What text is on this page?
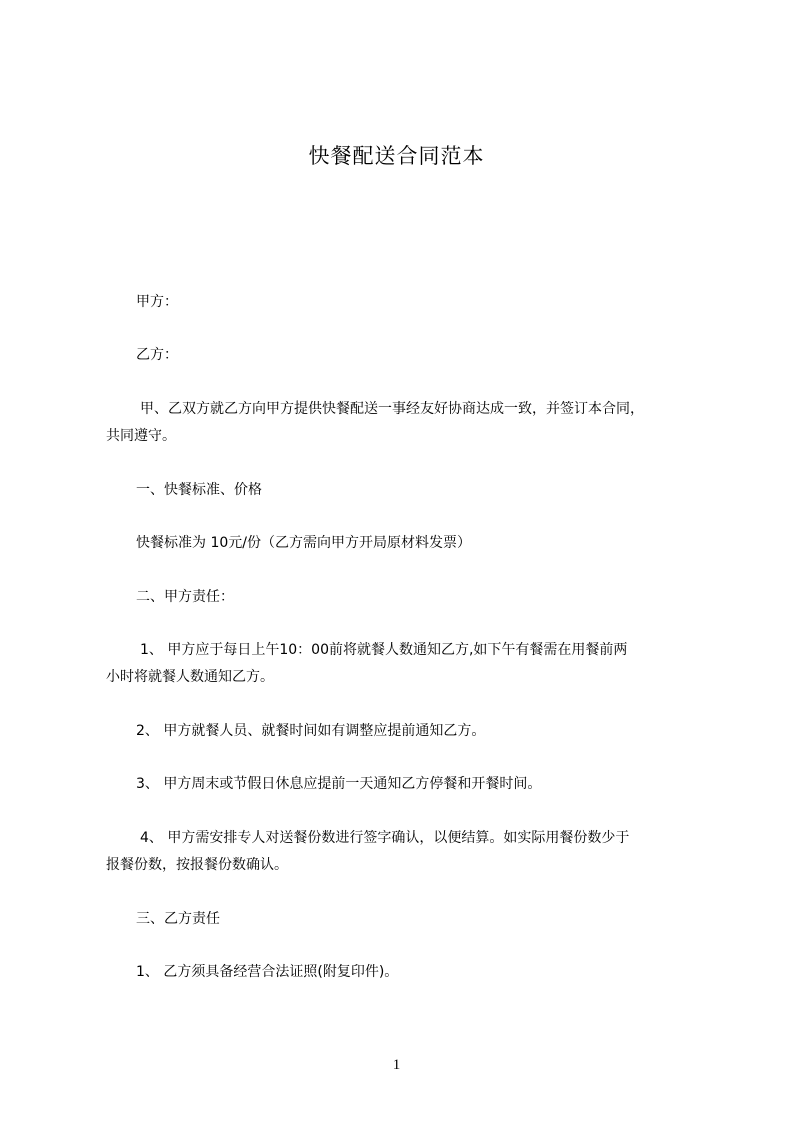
快餐配送合同范本
甲方：
乙方：
甲、乙双方就乙方向甲方提供快餐配送一事经友好协商达成一致，并签订本合同，
共同遵守。
一、快餐标准、价格
快餐标准为 10元/份（乙方需向甲方开局原材料发票）
二、甲方责任：
1、 甲方应于每日上午10：00前将就餐人数通知乙方,如下午有餐需在用餐前两
小时将就餐人数通知乙方。
2、 甲方就餐人员、就餐时间如有调整应提前通知乙方。
3、 甲方周末或节假日休息应提前一天通知乙方停餐和开餐时间。
4、 甲方需安排专人对送餐份数进行签字确认，以便结算。如实际用餐份数少于
报餐份数，按报餐份数确认。
三、乙方责任
1、 乙方须具备经营合法证照(附复印件)。
1
